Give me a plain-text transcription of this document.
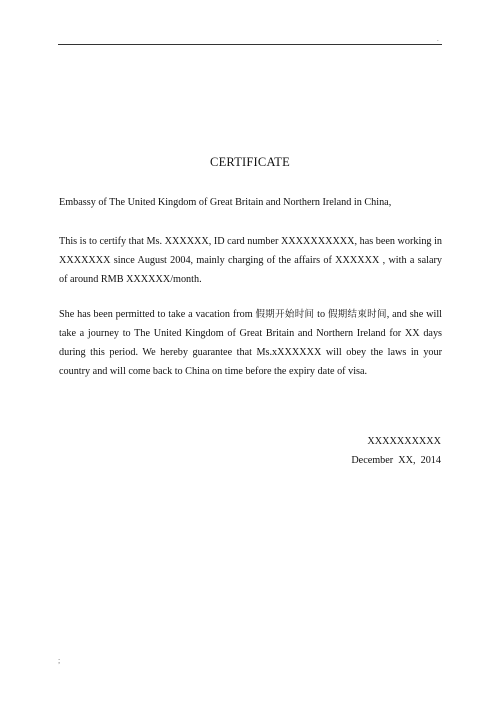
.
CERTIFICATE

Embassy of The United Kingdom of Great Britain and Northern Ireland in China,

This is to certify that Ms. XXXXXX, ID card number XXXXXXXXXX, has been working in XXXXXXX since August 2004, mainly charging of the affairs of XXXXXX , with a salary of around RMB XXXXXX/month.

She has been permitted to take a vacation from 假期开始时间 to 假期结束时间, and she will take a journey to The United Kingdom of Great Britain and Northern Ireland for XX days during this period. We hereby guarantee that Ms.xXXXXXX will obey the laws in your country and will come back to China on time before the expiry date of visa.

XXXXXXXXXX
December  XX,  2014
;
